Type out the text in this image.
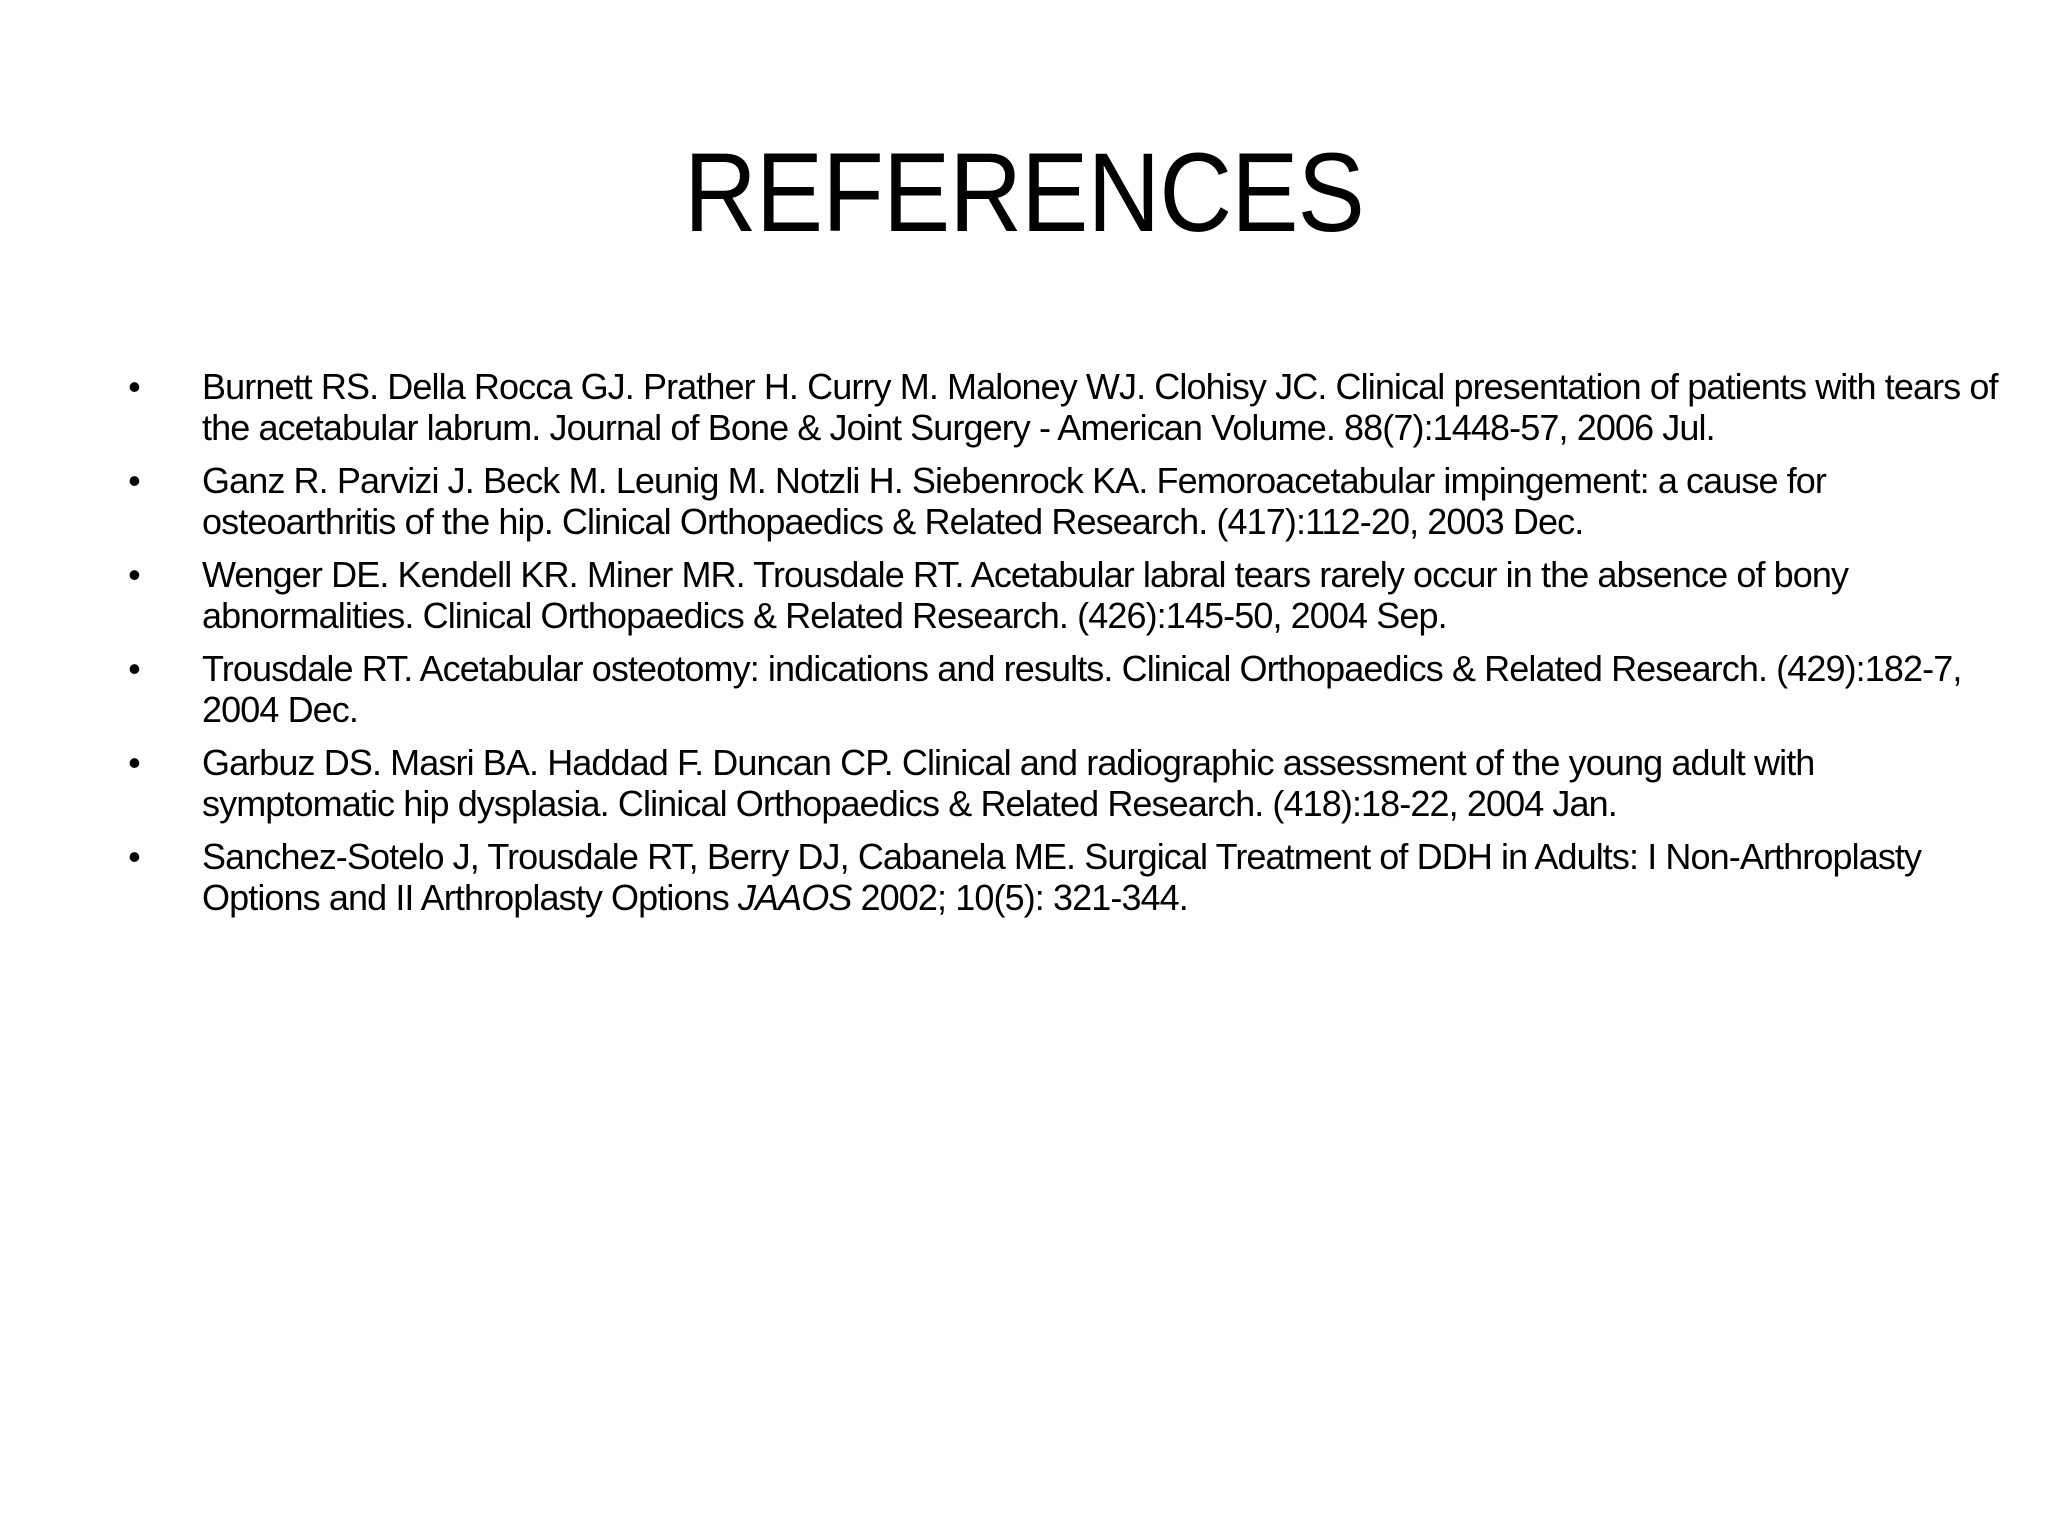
REFERENCES
• Burnett RS. Della Rocca GJ. Prather H. Curry M. Maloney WJ. Clohisy JC. Clinical presentation of patients with tears of the acetabular labrum. Journal of Bone & Joint Surgery - American Volume. 88(7):1448-57, 2006 Jul.
• Ganz R. Parvizi J. Beck M. Leunig M. Notzli H. Siebenrock KA. Femoroacetabular impingement: a cause for osteoarthritis of the hip. Clinical Orthopaedics & Related Research. (417):112-20, 2003 Dec.
• Wenger DE. Kendell KR. Miner MR. Trousdale RT. Acetabular labral tears rarely occur in the absence of bony abnormalities. Clinical Orthopaedics & Related Research. (426):145-50, 2004 Sep.
• Trousdale RT. Acetabular osteotomy: indications and results. Clinical Orthopaedics & Related Research. (429):182-7, 2004 Dec.
• Garbuz DS. Masri BA. Haddad F. Duncan CP. Clinical and radiographic assessment of the young adult with symptomatic hip dysplasia. Clinical Orthopaedics & Related Research. (418):18-22, 2004 Jan.
• Sanchez-Sotelo J, Trousdale RT, Berry DJ, Cabanela ME. Surgical Treatment of DDH in Adults: I Non-Arthroplasty Options and II Arthroplasty Options JAAOS 2002; 10(5): 321-344.
